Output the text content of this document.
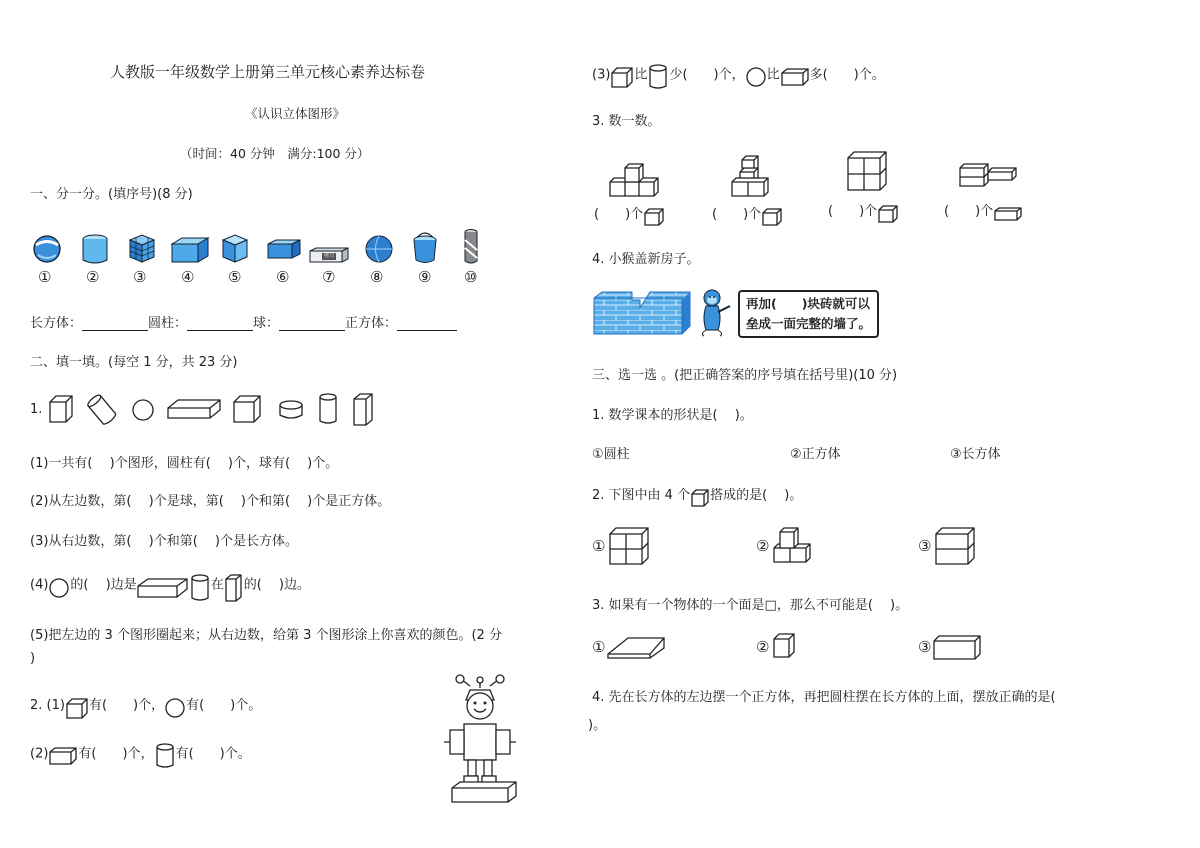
人教版一年级数学上册第三单元核心素养达标卷
《认识立体图形》
（时间：40 分钟　满分:100 分）
一、分一分。(填序号)(8 分)
剪刀
① ② ③ ④ ⑤ ⑥ ⑦ ⑧ ⑨ ⑩
长方体：	圆柱：	球：	正方体：
二、填一填。(每空 1 分，共 23 分)
1.
(1)一共有(　 )个图形，圆柱有(　 )个，球有(　 )个。
(2)从左边数，第(　 )个是球，第(　 )个和第(　 )个是正方体。
(3)从右边数，第(　 )个和第(　 )个是长方体。
(4) 的(　 )边是	在 的(　 )边。
(5)把左边的 3 个图形圈起来；从右边数，给第 3 个图形涂上你喜欢的颜色。(2 分
)
2. (1) 有(　　)个， 有(　　)个。
(2) 有(　　)个， 有(　　)个。
(3) 比 少(　　)个， 比 多(　　)个。
3. 数一数。
(　　)个	(　　)个	(　　)个	(　　)个
4. 小猴盖新房子。
再加(　　)块砖就可以
垒成一面完整的墙了。
三、选一选 。(把正确答案的序号填在括号里)(10 分)
1. 数学课本的形状是(　 )。
①圆柱	②正方体	③长方体
2. 下图中由 4 个 搭成的是(　 )。
①	②	③
3. 如果有一个物体的一个面是□，那么不可能是(　 )。
①	②	③
4. 先在长方体的左边摆一个正方体，再把圆柱摆在长方体的上面，摆放正确的是(
)。
